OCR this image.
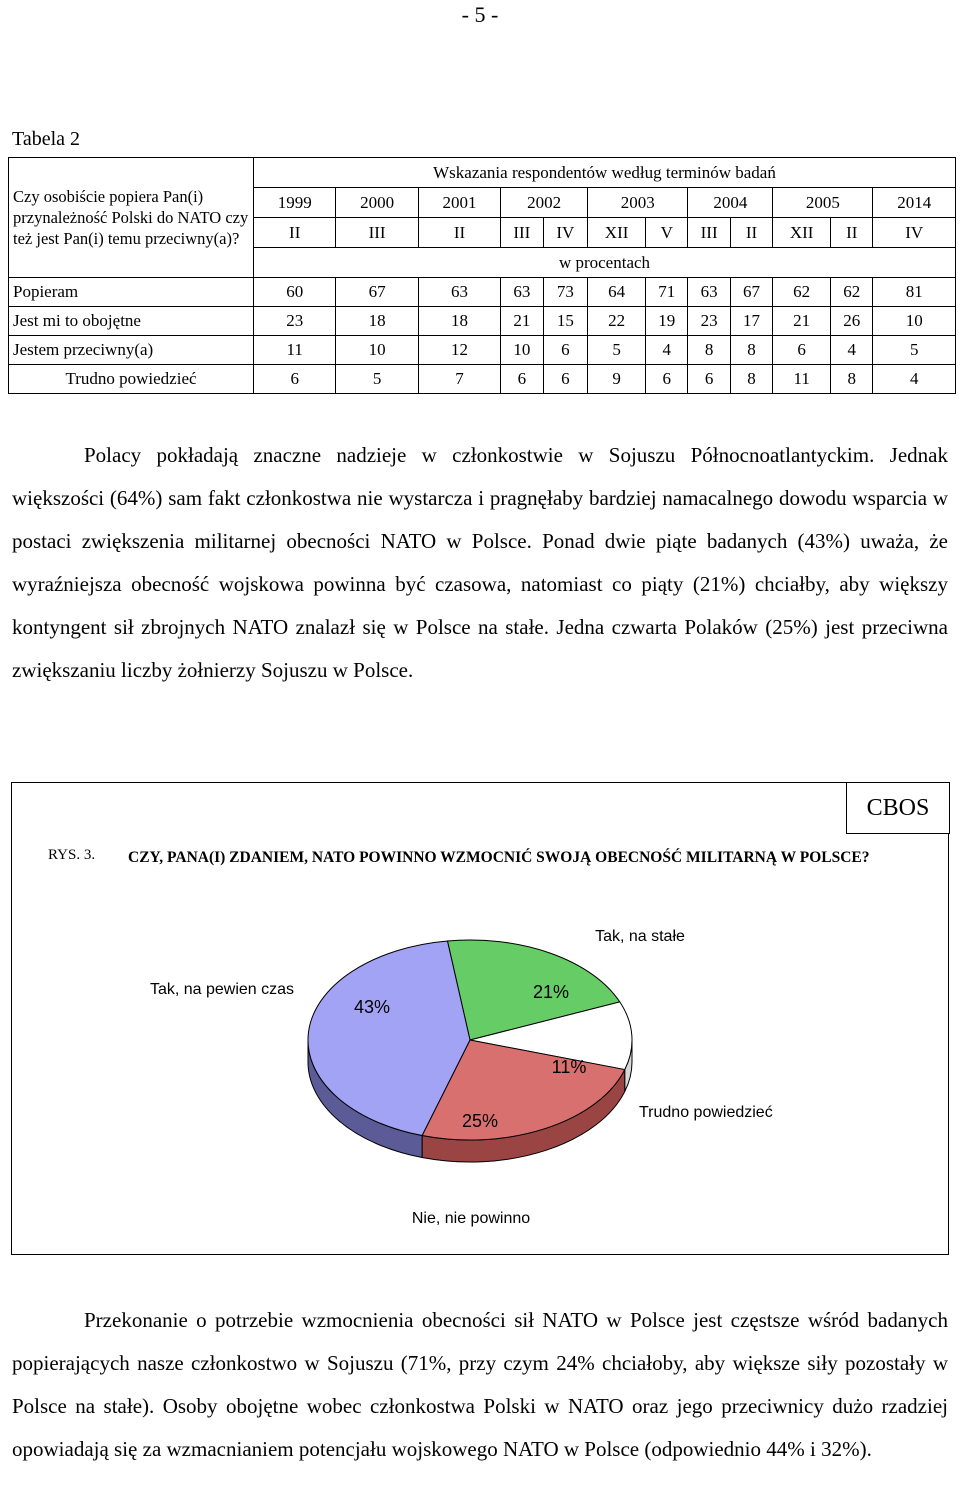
- 5 -
Tabela 2
Czy osobiście popiera Pan(i) przynależność Polski do NATO czy też jest Pan(i) temu przeciwny(a)?	Wskazania respondentów według terminów badań											
	1999	2000	2001	2002		2003		2004		2005		2014
	II	III	II	III	IV	XII	V	III	II	XII	II	IV
	w procentach											
Popieram	60	67	63	63	73	64	71	63	67	62	62	81
Jest mi to obojętne	23	18	18	21	15	22	19	23	17	21	26	10
Jestem przeciwny(a)	11	10	12	10	6	5	4	8	8	6	4	5
Trudno powiedzieć	6	5	7	6	6	9	6	6	8	11	8	4

Polacy pokładają znaczne nadzieje w członkostwie w Sojuszu Północnoatlantyckim. Jednak większości (64%) sam fakt członkostwa nie wystarcza i pragnęłaby bardziej namacalnego dowodu wsparcia w postaci zwiększenia militarnej obecności NATO w Polsce. Ponad dwie piąte badanych (43%) uważa, że wyraźniejsza obecność wojskowa powinna być czasowa, natomiast co piąty (21%) chciałby, aby większy kontyngent sił zbrojnych NATO znalazł się w Polsce na stałe. Jedna czwarta Polaków (25%) jest przeciwna zwiększaniu liczby żołnierzy Sojuszu w Polsce.

CBOS
RYS. 3. CZY, PANA(I) ZDANIEM, NATO POWINNO WZMOCNIĆ SWOJĄ OBECNOŚĆ MILITARNĄ W POLSCE?
21%
Tak, na stałe
11%
Trudno powiedzieć
25%
Nie, nie powinno
43%
Tak, na pewien czas

Przekonanie o potrzebie wzmocnienia obecności sił NATO w Polsce jest częstsze wśród badanych popierających nasze członkostwo w Sojuszu (71%, przy czym 24% chciałoby, aby większe siły pozostały w Polsce na stałe). Osoby obojętne wobec członkostwa Polski w NATO oraz jego przeciwnicy dużo rzadziej opowiadają się za wzmacnianiem potencjału wojskowego NATO w Polsce (odpowiednio 44% i 32%).
